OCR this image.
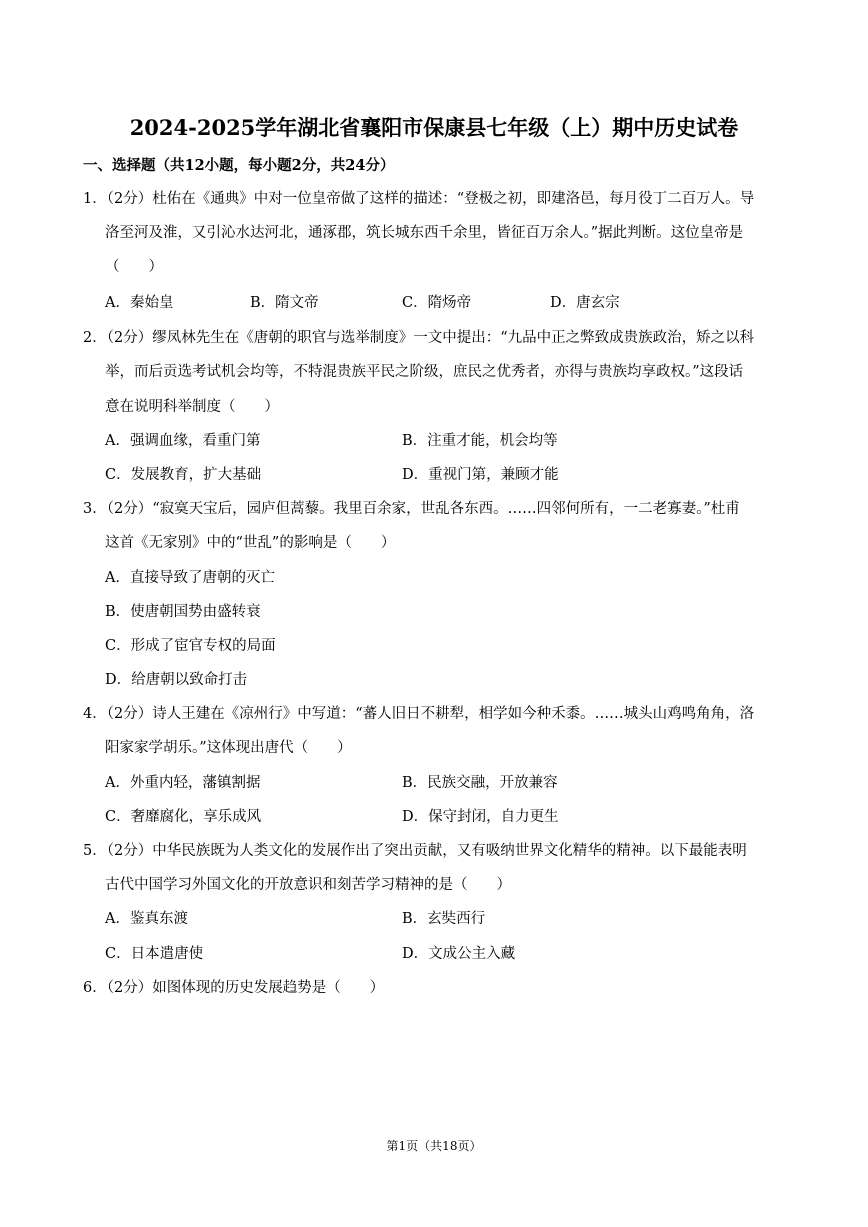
2024-2025学年湖北省襄阳市保康县七年级（上）期中历史试卷
一、选择题（共12小题，每小题2分，共24分）
1．（2分）杜佑在《通典》中对一位皇帝做了这样的描述：“登极之初，即建洛邑，每月役丁二百万人。导
洛至河及淮，又引沁水达河北，通涿郡，筑长城东西千余里，皆征百万余人。”据此判断。这位皇帝是
（　　）
A．秦始皇	B．隋文帝	C．隋炀帝	D．唐玄宗
2．（2分）缪凤林先生在《唐朝的职官与选举制度》一文中提出：“九品中正之弊致成贵族政治，矫之以科
举，而后贡选考试机会均等，不特混贵族平民之阶级，庶民之优秀者，亦得与贵族均享政权。”这段话
意在说明科举制度（　　）
A．强调血缘，看重门第	B．注重才能，机会均等
C．发展教育，扩大基础	D．重视门第，兼顾才能
3．（2分）“寂寞天宝后，园庐但蒿藜。我里百余家，世乱各东西。……四邻何所有，一二老寡妻。”杜甫
这首《无家别》中的“世乱”的影响是（　　）
A．直接导致了唐朝的灭亡
B．使唐朝国势由盛转衰
C．形成了宦官专权的局面
D．给唐朝以致命打击
4．（2分）诗人王建在《凉州行》中写道：“蕃人旧日不耕犁，相学如今种禾黍。……城头山鸡鸣角角，洛
阳家家学胡乐。”这体现出唐代（　　）
A．外重内轻，藩镇割据	B．民族交融，开放兼容
C．奢靡腐化，享乐成风	D．保守封闭，自力更生
5．（2分）中华民族既为人类文化的发展作出了突出贡献，又有吸纳世界文化精华的精神。以下最能表明
古代中国学习外国文化的开放意识和刻苦学习精神的是（　　）
A．鉴真东渡	B．玄奘西行
C．日本遣唐使	D．文成公主入藏
6．（2分）如图体现的历史发展趋势是（　　）
第1页（共18页）
